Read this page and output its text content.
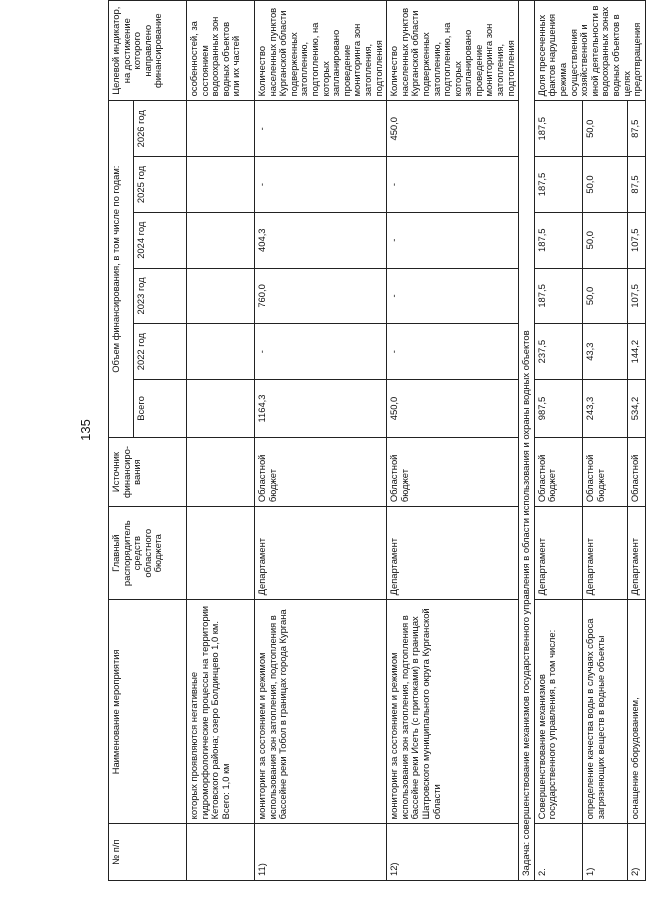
135
№ п/п	Наименование мероприятия	Главный распорядитель средств областного бюджета	Источник финансиро-вания	Объем финансирования, в том числе по годам:						Целевой индикатор, на достижение которого направлено финансирование
				Всего	2022 год	2023 год	2024 год	2025 год	2026 год	
	которых проявляются негативные гидроморфологические процессы на территории Кетовского района; озеро Болдинцево 1,0 км. Всего: 1,0 км									особенностей, за состоянием водоохранных зон водных объектов или их частей
11)	мониторинг за состоянием и режимом использования зон затопления, подтопления в бассейне реки Тобол в границах города Кургана	Департамент	Областной бюджет	1164,3	-	760,0	404,3	-	-	Количество населенных пунктов Курганской области подверженных затоплению, подтоплению, на которых запланировано проведение мониторинга зон затопления, подтопления
12)	мониторинг за состоянием и режимом использования зон затопления, подтопления в бассейне реки Исеть (с притоками) в границах Шатровского муниципального округа Курганской области	Департамент	Областной бюджет	450,0	-	-	-	-	450,0	Количество населенных пунктов Курганской области подверженных затоплению, подтоплению, на которых запланировано проведение мониторинга зон затопления, подтопления
Задача: совершенствование механизмов государственного управления в области использования и охраны водных объектов										
2.	Совершенствование механизмов государственного управления, в том числе:	Департамент	Областной бюджет	987,5	237,5	187,5	187,5	187,5	187,5	Доля пресеченных фактов нарушения режима осуществления хозяйственной и иной деятельности в водоохранных зонах водных объектов в целях предотвращения
1)	определение качества воды в случаях сброса загрязняющих веществ в водные объекты	Департамент	Областной бюджет	243,3	43,3	50,0	50,0	50,0	50,0	
2)	оснащение оборудованием,	Департамент	Областной	534,2	144,2	107,5	107,5	87,5	87,5	
